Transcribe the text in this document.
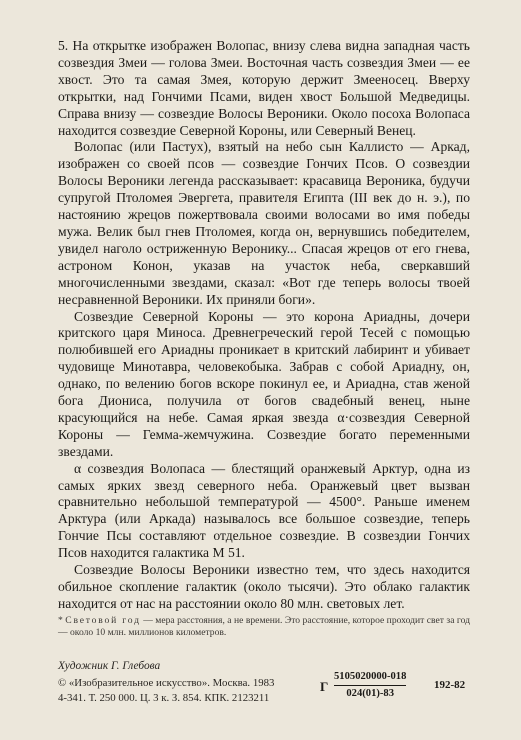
5. На открытке изображен Волопас, внизу слева видна западная часть созвездия Змеи — голова Змеи. Восточная часть созвездия Змеи — ее хвост. Это та самая Змея, которую держит Змееносец. Вверху открытки, над Гончими Псами, виден хвост Большой Медведицы. Справа внизу — созвездие Волосы Вероники. Около посоха Волопаса находится созвездие Северной Короны, или Северный Венец.

Волопас (или Пастух), взятый на небо сын Каллисто — Аркад, изображен со своей псов — созвездие Гончих Псов. О созвездии Волосы Вероники легенда рассказывает: красавица Вероника, будучи супругой Птоломея Эвергета, правителя Египта (III век до н. э.), по настоянию жрецов пожертвовала своими волосами во имя победы мужа. Велик был гнев Птоломея, когда он, вернувшись победителем, увидел наголо остриженную Веронику... Спасая жрецов от его гнева, астроном Конон, указав на участок неба, сверкавший многочисленными звездами, сказал: «Вот где теперь волосы твоей несравненной Вероники. Их приняли боги».

Созвездие Северной Короны — это корона Ариадны, дочери критского царя Миноса. Древнегреческий герой Тесей с помощью полюбившей его Ариадны проникает в критский лабиринт и убивает чудовище Минотавра, человекобыка. Забрав с собой Ариадну, он, однако, по велению богов вскоре покинул ее, и Ариадна, став женой бога Диониса, получила от богов свадебный венец, ныне красующийся на небе. Самая яркая звезда α·созвездия Северной Короны — Гемма-жемчужина. Созвездие богато переменными звездами.

α созвездия Волопаса — блестящий оранжевый Арктур, одна из самых ярких звезд северного неба. Оранжевый цвет вызван сравнительно небольшой температурой — 4500°. Раньше именем Арктура (или Аркада) называлось все большое созвездие, теперь Гончие Псы составляют отдельное созвездие. В созвездии Гончих Псов находится галактика М 51.

Созвездие Волосы Вероники известно тем, что здесь находится обильное скопление галактик (около тысячи). Это облако галактик находится от нас на расстоянии около 80 млн. световых лет.

* Световой год — мера расстояния, а не времени. Это расстояние, которое проходит свет за год — около 10 млн. миллионов километров.
Художник Г. Глебова
© «Изобразительное искусство». Москва. 1983
4-341. Т. 250 000. Ц. 3 к. З. 854. КПК. 2123211
Г $\frac{5105020000-018}{024(01)-83}$	192-82
